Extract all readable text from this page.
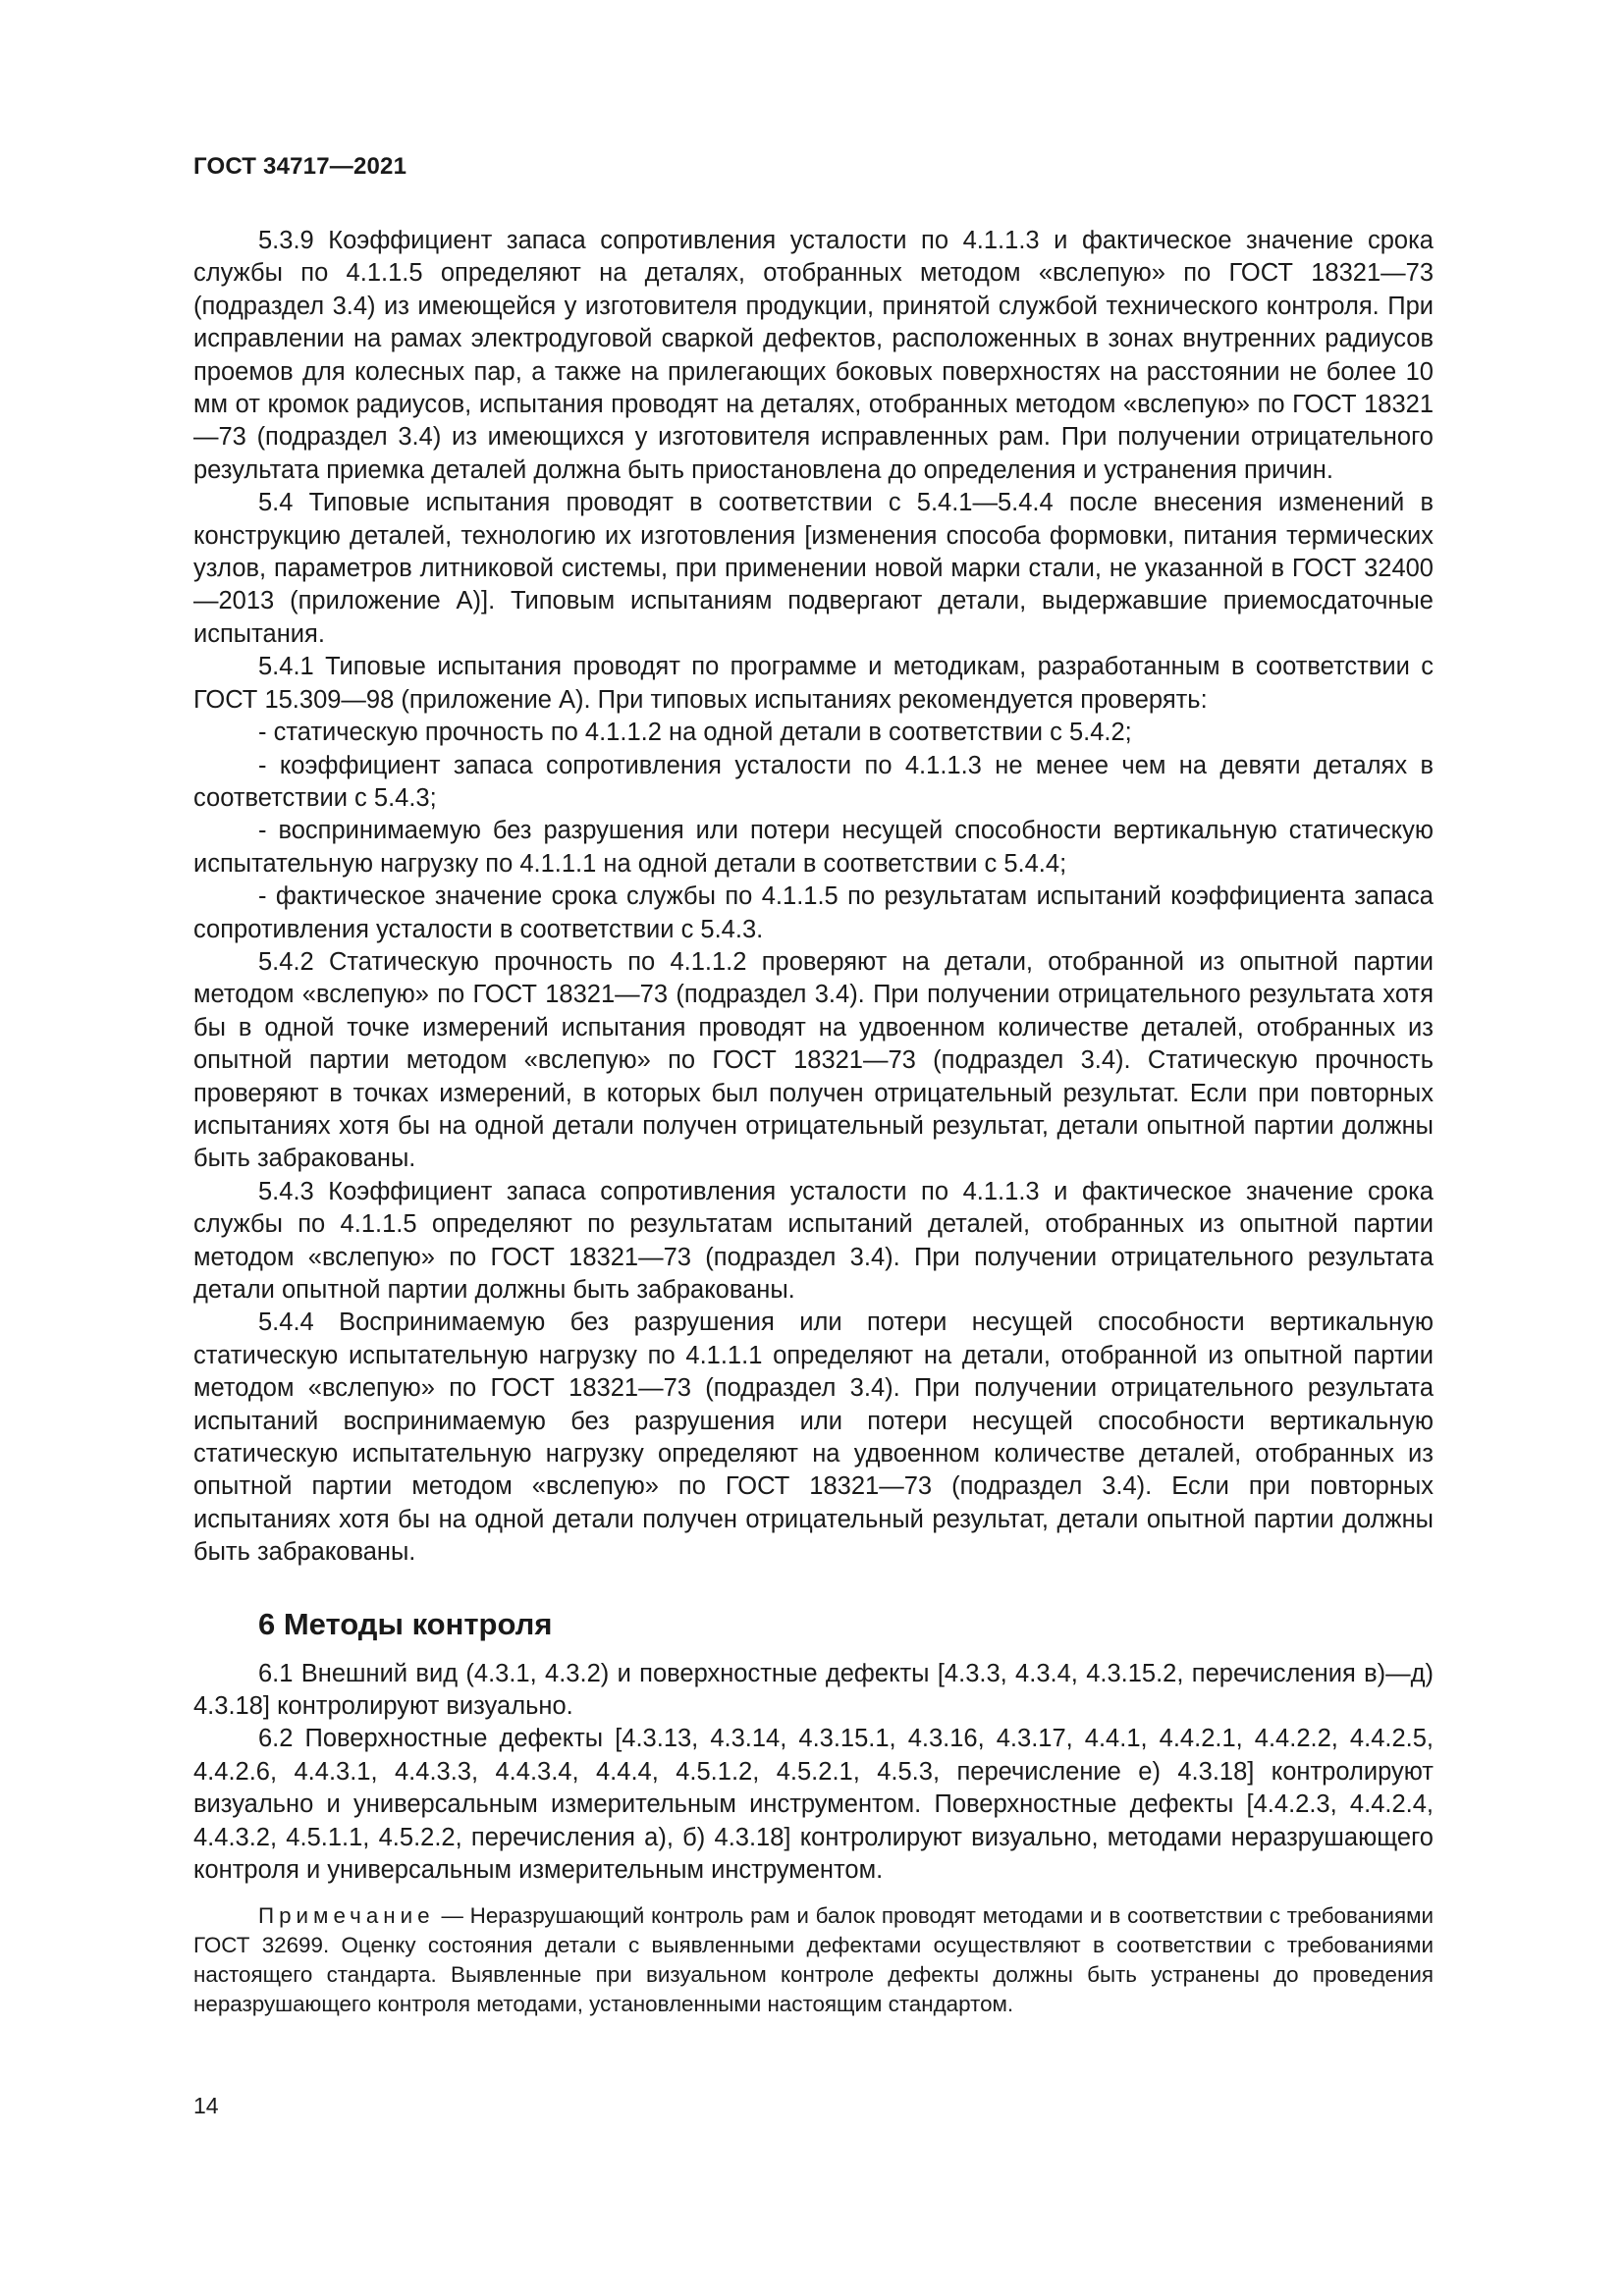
ГОСТ 34717—2021

5.3.9 Коэффициент запаса сопротивления усталости по 4.1.1.3 и фактическое значение срока службы по 4.1.1.5 определяют на деталях, отобранных методом «вслепую» по ГОСТ 18321—73 (подраздел 3.4) из имеющейся у изготовителя продукции, принятой службой технического контроля. При исправлении на рамах электродуговой сваркой дефектов, расположенных в зонах внутренних радиусов проемов для колесных пар, а также на прилегающих боковых поверхностях на расстоянии не более 10 мм от кромок радиусов, испытания проводят на деталях, отобранных методом «вслепую» по ГОСТ 18321—73 (подраздел 3.4) из имеющихся у изготовителя исправленных рам. При получении отрицательного результата приемка деталей должна быть приостановлена до определения и устранения причин.

5.4 Типовые испытания проводят в соответствии с 5.4.1—5.4.4 после внесения изменений в конструкцию деталей, технологию их изготовления [изменения способа формовки, питания термических узлов, параметров литниковой системы, при применении новой марки стали, не указанной в ГОСТ 32400—2013 (приложение А)]. Типовым испытаниям подвергают детали, выдержавшие приемосдаточные испытания.

5.4.1 Типовые испытания проводят по программе и методикам, разработанным в соответствии с ГОСТ 15.309—98 (приложение А). При типовых испытаниях рекомендуется проверять:

- статическую прочность по 4.1.1.2 на одной детали в соответствии с 5.4.2;

- коэффициент запаса сопротивления усталости по 4.1.1.3 не менее чем на девяти деталях в соответствии с 5.4.3;

- воспринимаемую без разрушения или потери несущей способности вертикальную статическую испытательную нагрузку по 4.1.1.1 на одной детали в соответствии с 5.4.4;

- фактическое значение срока службы по 4.1.1.5 по результатам испытаний коэффициента запаса сопротивления усталости в соответствии с 5.4.3.

5.4.2 Статическую прочность по 4.1.1.2 проверяют на детали, отобранной из опытной партии методом «вслепую» по ГОСТ 18321—73 (подраздел 3.4). При получении отрицательного результата хотя бы в одной точке измерений испытания проводят на удвоенном количестве деталей, отобранных из опытной партии методом «вслепую» по ГОСТ 18321—73 (подраздел 3.4). Статическую прочность проверяют в точках измерений, в которых был получен отрицательный результат. Если при повторных испытаниях хотя бы на одной детали получен отрицательный результат, детали опытной партии должны быть забракованы.

5.4.3 Коэффициент запаса сопротивления усталости по 4.1.1.3 и фактическое значение срока службы по 4.1.1.5 определяют по результатам испытаний деталей, отобранных из опытной партии методом «вслепую» по ГОСТ 18321—73 (подраздел 3.4). При получении отрицательного результата детали опытной партии должны быть забракованы.

5.4.4 Воспринимаемую без разрушения или потери несущей способности вертикальную статическую испытательную нагрузку по 4.1.1.1 определяют на детали, отобранной из опытной партии методом «вслепую» по ГОСТ 18321—73 (подраздел 3.4). При получении отрицательного результата испытаний воспринимаемую без разрушения или потери несущей способности вертикальную статическую испытательную нагрузку определяют на удвоенном количестве деталей, отобранных из опытной партии методом «вслепую» по ГОСТ 18321—73 (подраздел 3.4). Если при повторных испытаниях хотя бы на одной детали получен отрицательный результат, детали опытной партии должны быть забракованы.

6 Методы контроля

6.1 Внешний вид (4.3.1, 4.3.2) и поверхностные дефекты [4.3.3, 4.3.4, 4.3.15.2, перечисления в)—д) 4.3.18] контролируют визуально.

6.2 Поверхностные дефекты [4.3.13, 4.3.14, 4.3.15.1, 4.3.16, 4.3.17, 4.4.1, 4.4.2.1, 4.4.2.2, 4.4.2.5, 4.4.2.6, 4.4.3.1, 4.4.3.3, 4.4.3.4, 4.4.4, 4.5.1.2, 4.5.2.1, 4.5.3, перечисление е) 4.3.18] контролируют визуально и универсальным измерительным инструментом. Поверхностные дефекты [4.4.2.3, 4.4.2.4, 4.4.3.2, 4.5.1.1, 4.5.2.2, перечисления а), б) 4.3.18] контролируют визуально, методами неразрушающего контроля и универсальным измерительным инструментом.

Примечание — Неразрушающий контроль рам и балок проводят методами и в соответствии с требованиями ГОСТ 32699. Оценку состояния детали с выявленными дефектами осуществляют в соответствии с требованиями настоящего стандарта. Выявленные при визуальном контроле дефекты должны быть устранены до проведения неразрушающего контроля методами, установленными настоящим стандартом.

14
